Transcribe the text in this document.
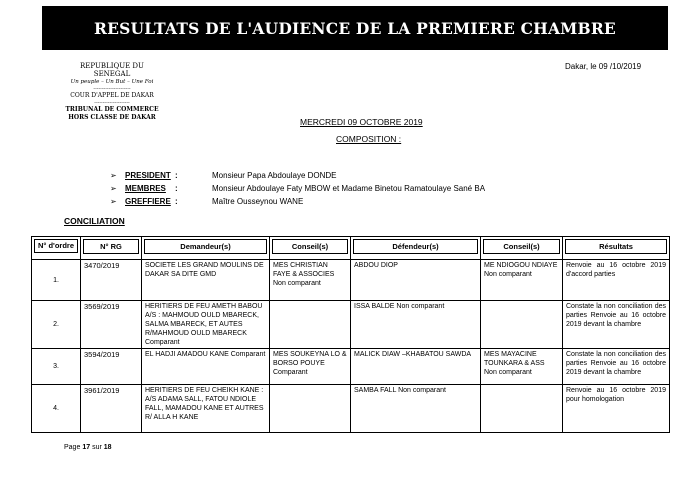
RESULTATS DE L'AUDIENCE DE LA PREMIERE CHAMBRE
REPUBLIQUE DU SENEGAL
Un peuple – Un But – Une Foi
----------------------
COUR D'APPEL DE DAKAR
---------------------
TRIBUNAL DE COMMERCE
HORS CLASSE DE DAKAR
Dakar, le 09 /10/2019
MERCREDI 09 OCTOBRE 2019
COMPOSITION :
➢ PRESIDENT :	Monsieur Papa Abdoulaye DONDE
➢ MEMBRES :	Monsieur Abdoulaye Faty MBOW et Madame Binetou Ramatoulaye Sané BA
➢ GREFFIERE :	Maître Ousseynou WANE
CONCILIATION
N° d'ordre	N° RG	Demandeur(s)	Conseil(s)	Défendeur(s)	Conseil(s)	Résultats

1.	3470/2019	SOCIETE LES GRAND MOULINS DE DAKAR SA DITE GMD	MES CHRISTIAN FAYE & ASSOCIES Non comparant	ABDOU DIOP	ME NDIOGOU NDIAYE Non comparant	Renvoie au 16 octobre 2019 d'accord parties
2.	3569/2019	HERITIERS DE FEU AMETH BABOU A/S : MAHMOUD OULD MBARECK, SALMA MBARECK, ET AUTES R/MAHMOUD OULD MBARECK Comparant		ISSA BALDE Non comparant		Constate la non conciliation des parties Renvoie au 16 octobre 2019 devant la chambre
3.	3594/2019	EL HADJI AMADOU KANE Comparant	MES SOUKEYNA LO & BORSO POUYE Comparant	MALICK DIAW –KHABATOU SAWDA	MES MAYACINE TOUNKARA & ASS Non comparant	Constate la non conciliation des parties Renvoie au 16 octobre 2019 devant la chambre
4.	3961/2019	HERITIERS DE FEU CHEIKH KANE : A/S ADAMA SALL, FATOU NDIOLE FALL, MAMADOU KANE ET AUTRES R/ ALLA H KANE		SAMBA FALL Non comparant		Renvoie au 16 octobre 2019 pour homologation
Page 17 sur 18
